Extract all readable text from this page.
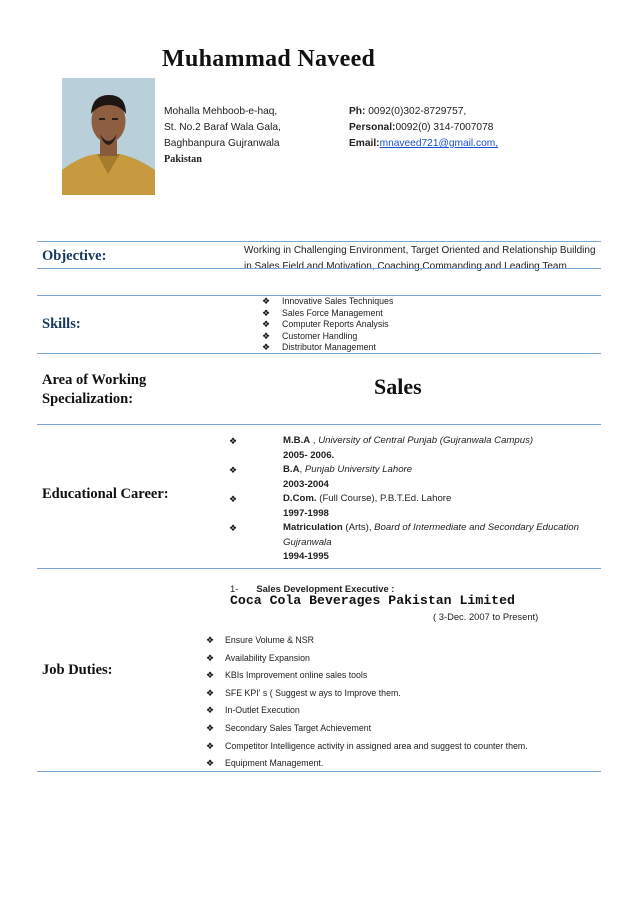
Muhammad Naveed
Mohalla Mehboob-e-haq,
St. No.2 Baraf Wala Gala,
Baghbanpura Gujranwala
Pakistan
Ph: 0092(0)302-8729757,
Personal:0092(0) 314-7007078
Email:mnaveed721@gmail.com,
Objective:	Working in Challenging Environment, Target Oriented and Relationship Building in Sales Field and Motivation, Coaching,Commanding and Leading Team.
Skills:
❖ Innovative Sales Techniques
❖ Sales Force Management
❖ Computer Reports Analysis
❖ Customer Handling
❖ Distributor Management
Area of Working
Specialization:	Sales
Educational Career:
❖	M.B.A , University of Central Punjab (Gujranwala Campus)
2005- 2006.
❖	B.A, Punjab University Lahore
2003-2004
❖	D.Com. (Full Course), P.B.T.Ed. Lahore
1997-1998
❖	Matriculation (Arts), Board of Intermediate and Secondary Education Gujranwala
1994-1995
1- Sales Development Executive :
Coca Cola Beverages Pakistan Limited
( 3-Dec. 2007 to Present)
Job Duties:
❖ Ensure Volume & NSR
❖ Availability Expansion
❖ KBIs Improvement online sales tools
❖ SFE KPI' s ( Suggest w ays to Improve them.
❖ In-Outlet Execution
❖ Secondary Sales Target Achievement
❖ Competitor Intelligence activity in assigned area and suggest to counter them.
❖ Equipment Management.
